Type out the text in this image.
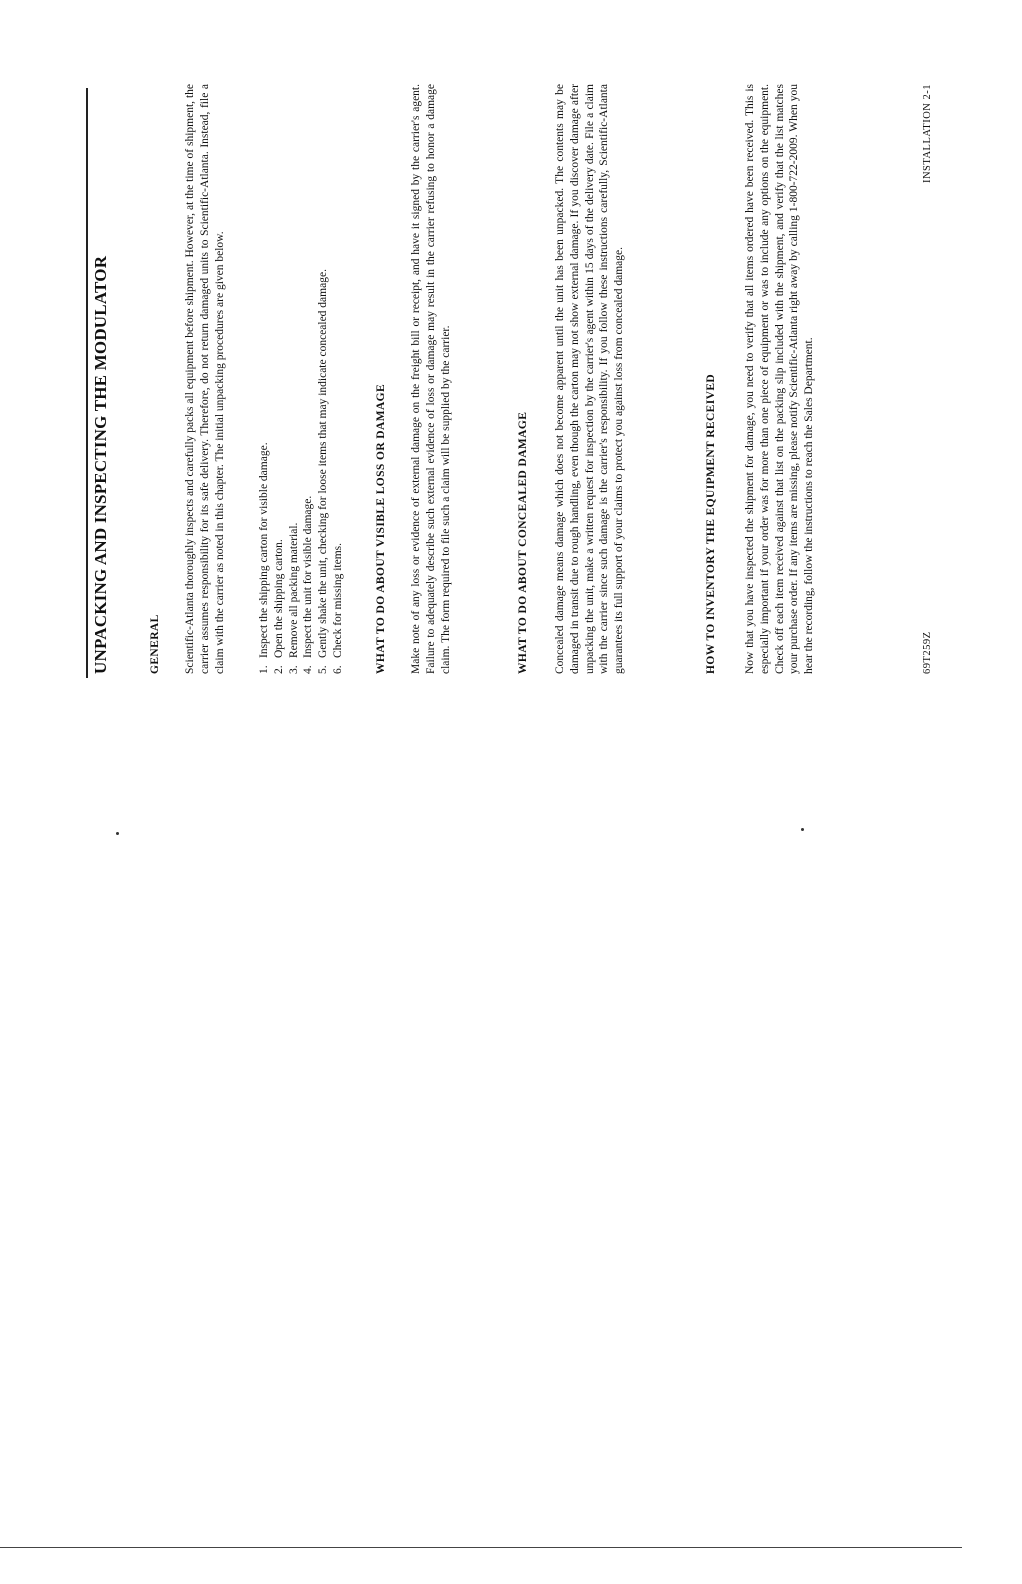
UNPACKING AND INSPECTING THE MODULATOR	GENERAL Scientific-Atlanta thoroughly inspects and carefully packs all equipment before shipment. However, at the time of shipment, the carrier assumes responsibility for its safe delivery. Therefore, do not return damaged units to Scientific-Atlanta. Instead, file a claim with the carrier as noted in this chapter. The initial unpacking procedures are given below.	1.
Inspect the shipping carton for visible damage.
2.
Open the shipping carton.
3.
Remove all packing material.
4.
Inspect the unit for visible damage.
5.
Gently shake the unit, checking for loose items that may indicate concealed damage.
6.
Check for missing items.	WHAT TO DO ABOUT VISIBLE LOSS OR DAMAGE Make note of any loss or evidence of external damage on the freight bill or receipt, and have it signed by the carrier's agent. Failure to adequately describe such external evidence of loss or damage may result in the carrier refusing to honor a damage claim. The form required to file such a claim will be supplied by the carrier.	WHAT TO DO ABOUT CONCEALED DAMAGE Concealed damage means damage which does not become apparent until the unit has been unpacked. The contents may be damaged in transit due to rough handling, even though the carton may not show external damage. If you discover damage after unpacking the unit, make a written request for inspection by the carrier's agent within 15 days of the delivery date. File a claim with the carrier since such damage is the carrier's responsibility. If you follow these instructions carefully, Scientific-Atlanta guarantees its full support of your claims to protect you against loss from concealed damage.	HOW TO INVENTORY THE EQUIPMENT RECEIVED Now that you have inspected the shipment for damage, you need to verify that all items ordered have been received. This is especially important if your order was for more than one piece of equipment or was to include any options on the equipment. Check off each item received against that list on the packing slip included with the shipment, and verify that the list matches your purchase order. If any items are missing, please notify Scientific-Atlanta right away by calling 1-800-722-2009. When you hear the recording, follow the instructions to reach the Sales Department.	69T259Z
INSTALLATION 2-1
